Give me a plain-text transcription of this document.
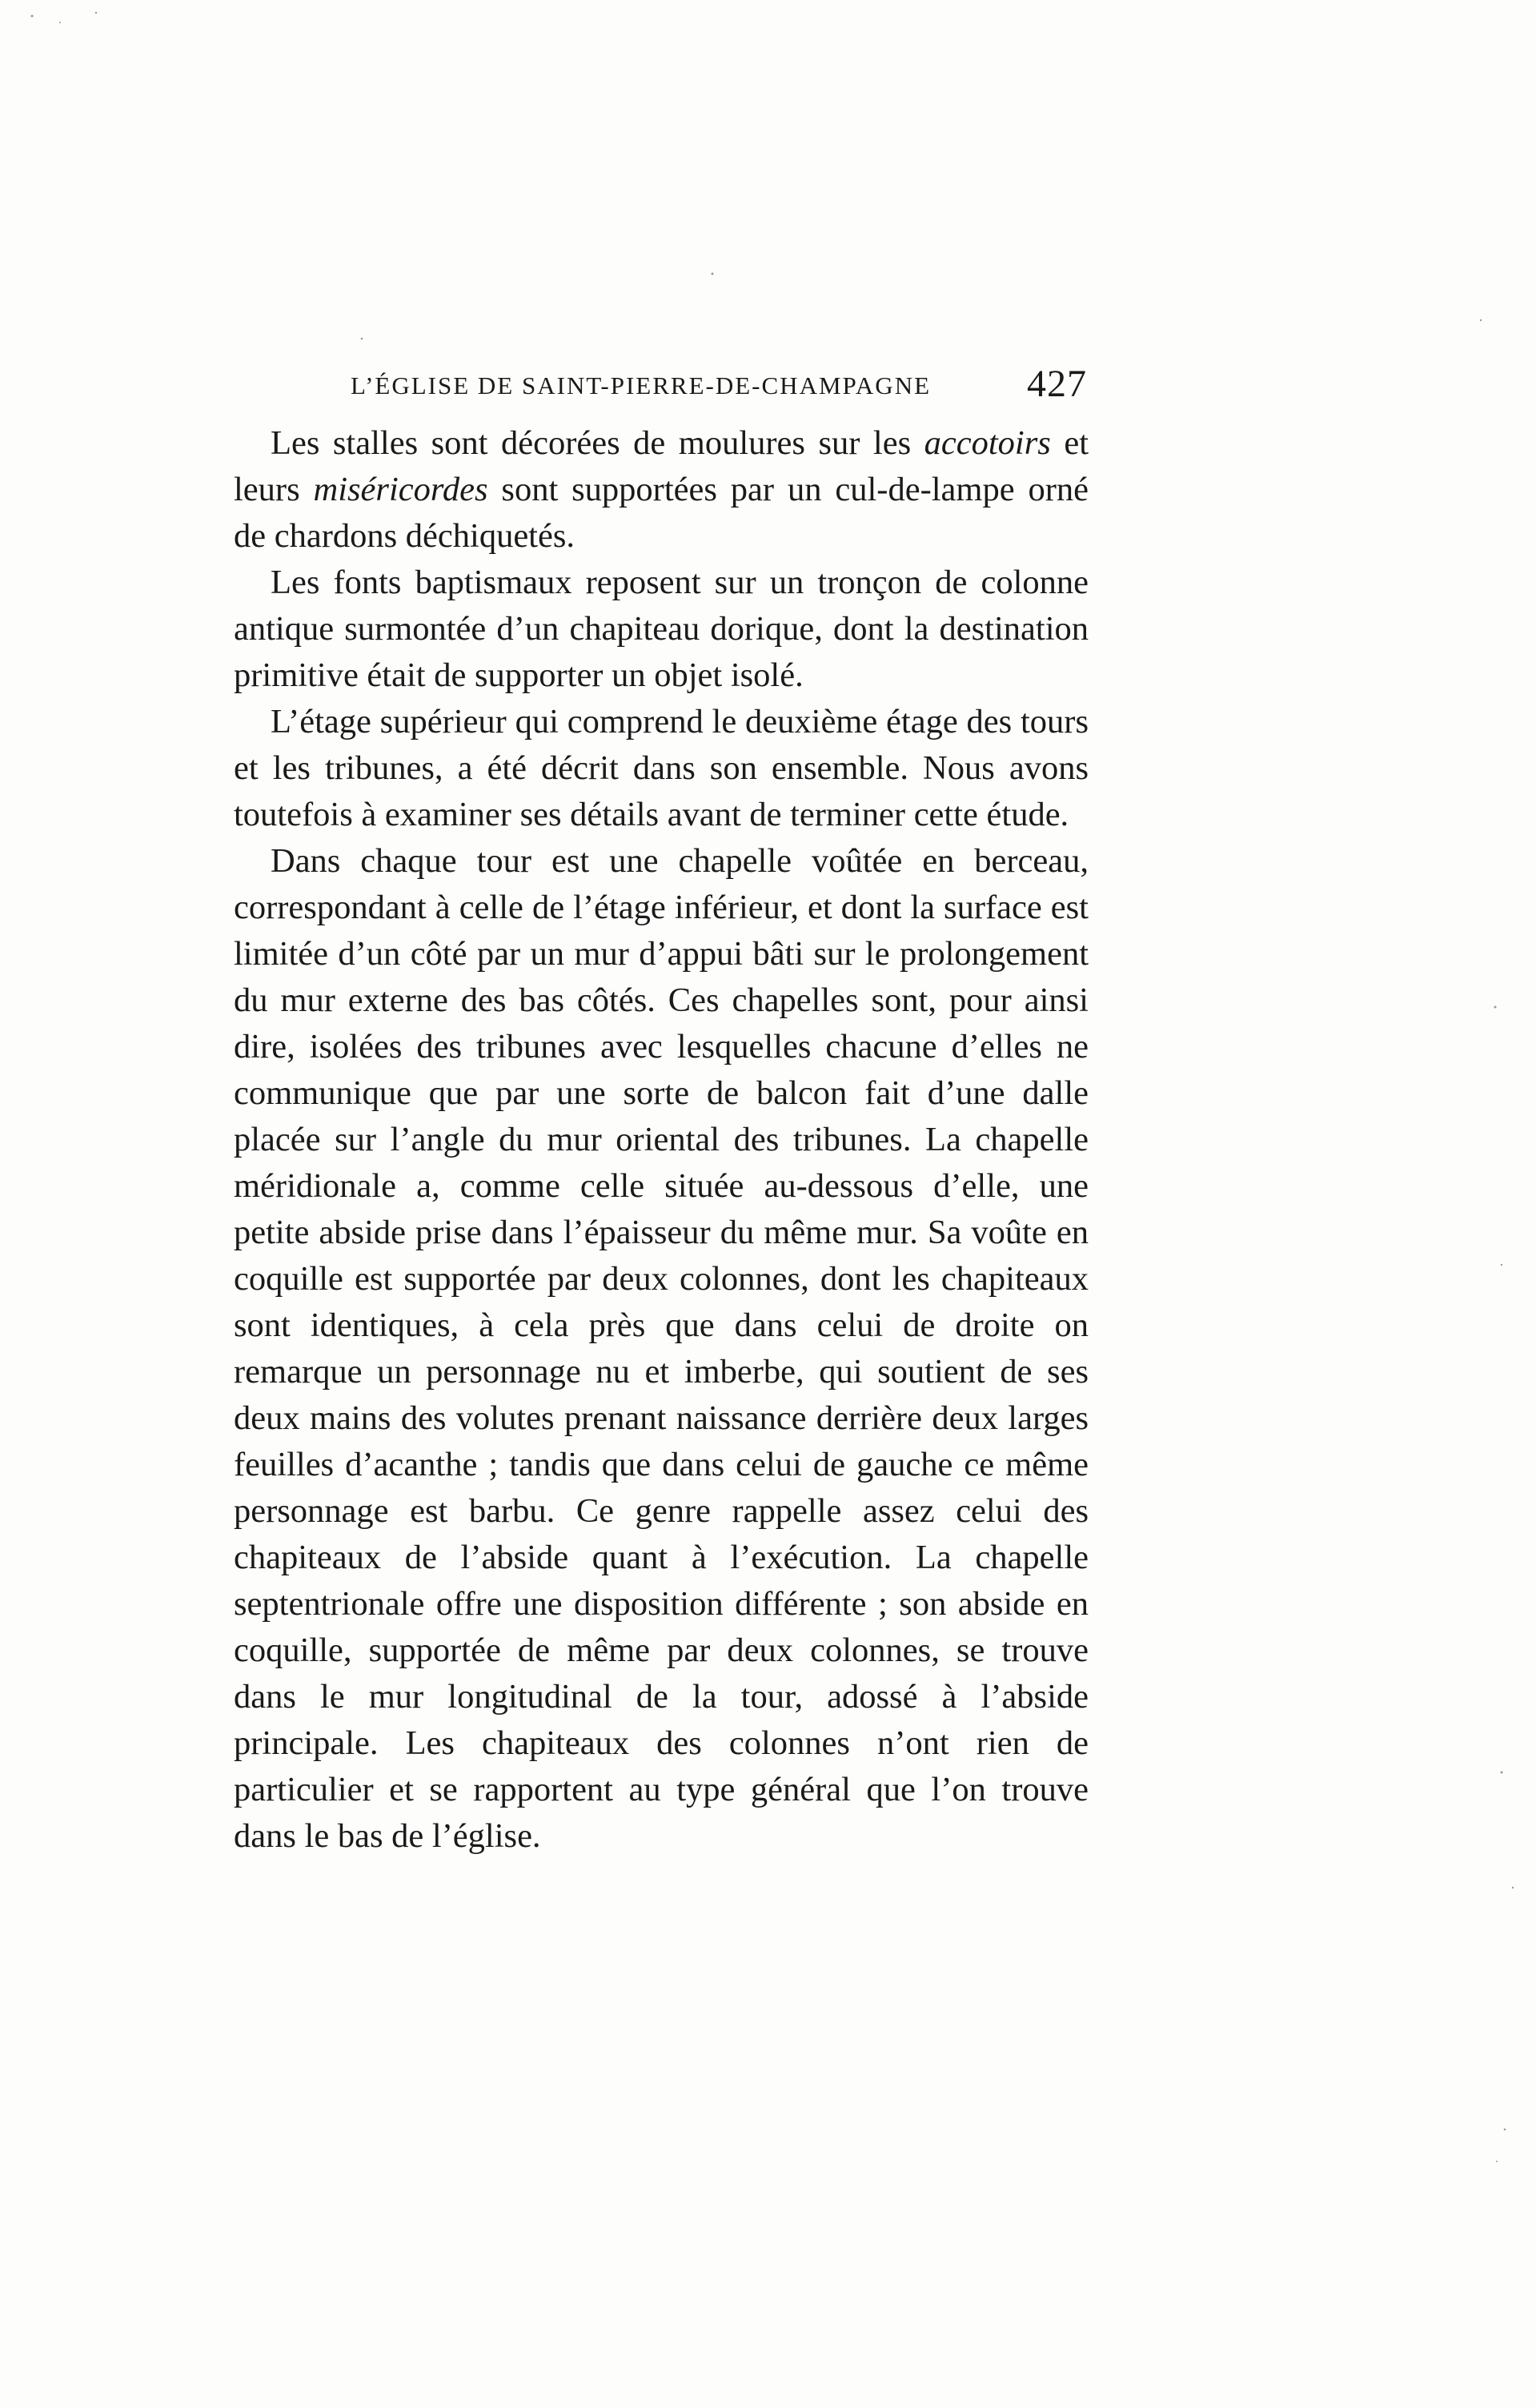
L’ÉGLISE DE SAINT-PIERRE-DE-CHAMPAGNE 427

Les stalles sont décorées de moulures sur les accotoirs et leurs miséricordes sont supportées par un cul-de-lampe orné de chardons déchiquetés.

Les fonts baptismaux reposent sur un tronçon de colonne antique surmontée d’un chapiteau dorique, dont la destination primitive était de supporter un objet isolé.

L’étage supérieur qui comprend le deuxième étage des tours et les tribunes, a été décrit dans son ensemble. Nous avons toutefois à examiner ses détails avant de terminer cette étude.

Dans chaque tour est une chapelle voûtée en berceau, correspondant à celle de l’étage inférieur, et dont la surface est limitée d’un côté par un mur d’appui bâti sur le prolongement du mur externe des bas côtés. Ces chapelles sont, pour ainsi dire, isolées des tribunes avec lesquelles chacune d’elles ne communique que par une sorte de balcon fait d’une dalle placée sur l’angle du mur oriental des tribunes. La chapelle méridionale a, comme celle située au-dessous d’elle, une petite abside prise dans l’épaisseur du même mur. Sa voûte en coquille est supportée par deux colonnes, dont les chapiteaux sont identiques, à cela près que dans celui de droite on remarque un personnage nu et imberbe, qui soutient de ses deux mains des volutes prenant naissance derrière deux larges feuilles d’acanthe ; tandis que dans celui de gauche ce même personnage est barbu. Ce genre rappelle assez celui des chapiteaux de l’abside quant à l’exécution. La chapelle septentrionale offre une disposition différente ; son abside en coquille, supportée de même par deux colonnes, se trouve dans le mur longitudinal de la tour, adossé à l’abside principale. Les chapiteaux des colonnes n’ont rien de particulier et se rapportent au type général que l’on trouve dans le bas de l’église.
